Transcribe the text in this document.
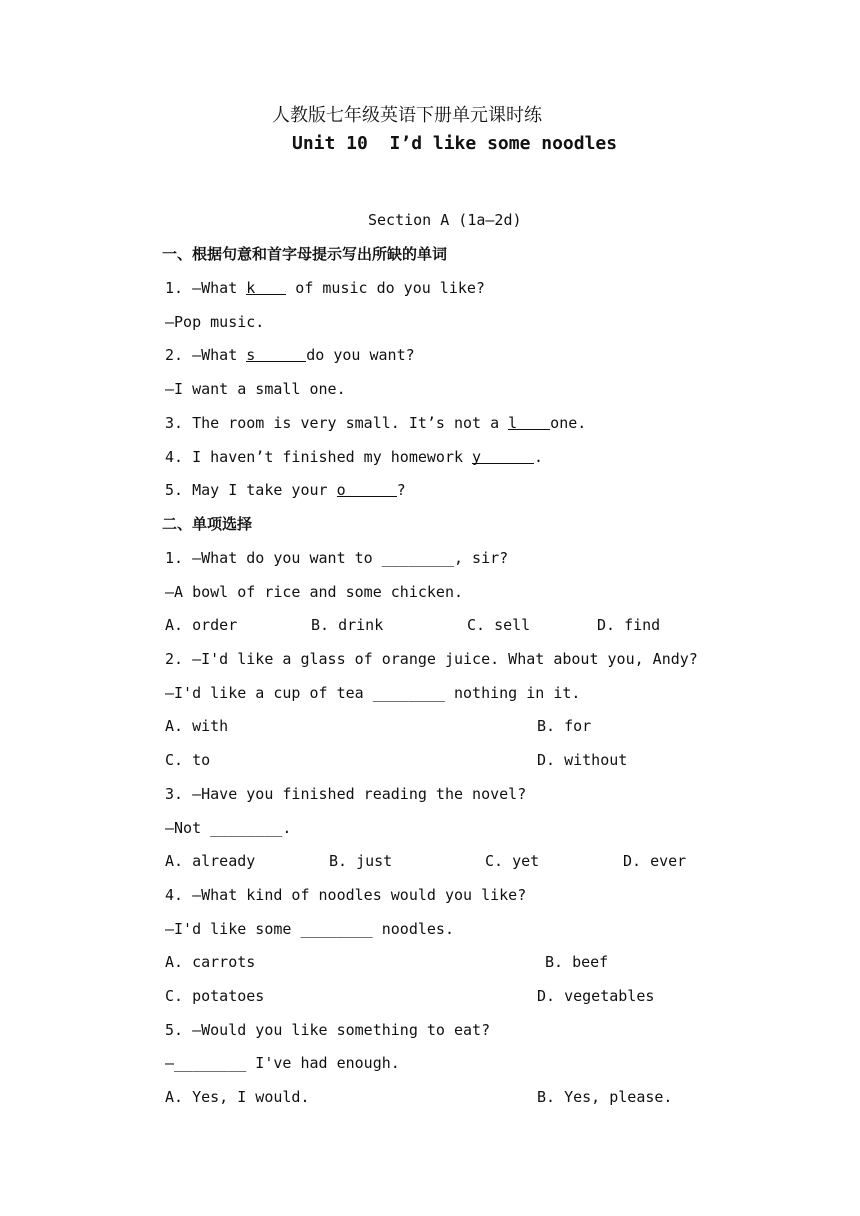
人教版七年级英语下册单元课时练
Unit 10  I’d like some noodles
Section A (1a—2d)
一、根据句意和首字母提示写出所缺的单词
1. —What k of music do you like?
—Pop music.
2. —What s	do you want?
—I want a small one.
3. The room is very small. It’s not a l one.
4. I haven’t finished my homework y	.
5. May I take your o	?
二、单项选择
1. —What do you want to ________, sir?
—A bowl of rice and some chicken.
A. order	B. drink	C. sell	D. find
2. —I'd like a glass of orange juice. What about you, Andy?
—I'd like a cup of tea ________ nothing in it.
A. with	B. for
C. to	D. without
3. —Have you finished reading the novel?
—Not ________.
A. already	B. just	C. yet	D. ever
4. —What kind of noodles would you like?
—I'd like some ________ noodles.
A. carrots	B. beef
C. potatoes	D. vegetables
5. —Would you like something to eat?
—________ I've had enough.
A. Yes, I would.	B. Yes, please.
